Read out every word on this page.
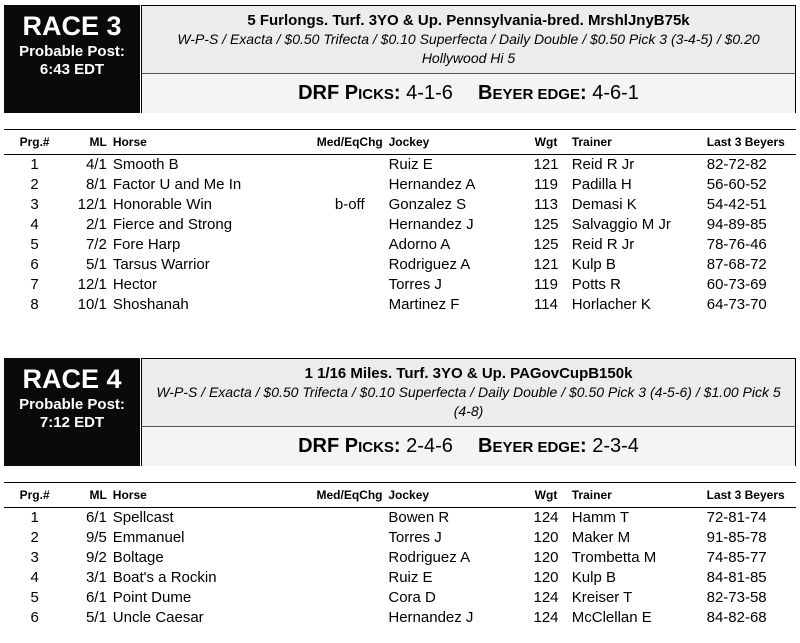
RACE 3
Probable Post:
6:43 EDT
5 Furlongs. Turf. 3YO & Up. Pennsylvania-bred. MrshlJnyB75k
W-P-S / Exacta / $0.50 Trifecta / $0.10 Superfecta / Daily Double / $0.50 Pick 3 (3-4-5) / $0.20 Hollywood Hi 5
DRF PICKS: 4-1-6 BEYER EDGE: 4-6-1
Prg.#	ML	Horse	Med/EqChg	Jockey	Wgt	Trainer	Last 3 Beyers
1	4/1	Smooth B		Ruiz E	121	Reid R Jr	82-72-82
2	8/1	Factor U and Me In		Hernandez A	119	Padilla H	56-60-52
3	12/1	Honorable Win	b-off	Gonzalez S	113	Demasi K	54-42-51
4	2/1	Fierce and Strong		Hernandez J	125	Salvaggio M Jr	94-89-85
5	7/2	Fore Harp		Adorno A	125	Reid R Jr	78-76-46
6	5/1	Tarsus Warrior		Rodriguez A	121	Kulp B	87-68-72
7	12/1	Hector		Torres J	119	Potts R	60-73-69
8	10/1	Shoshanah		Martinez F	114	Horlacher K	64-73-70
RACE 4
Probable Post:
7:12 EDT
1 1/16 Miles. Turf. 3YO & Up. PAGovCupB150k
W-P-S / Exacta / $0.50 Trifecta / $0.10 Superfecta / Daily Double / $0.50 Pick 3 (4-5-6) / $1.00 Pick 5 (4-8)
DRF PICKS: 2-4-6 BEYER EDGE: 2-3-4
Prg.#	ML	Horse	Med/EqChg	Jockey	Wgt	Trainer	Last 3 Beyers
1	6/1	Spellcast		Bowen R	124	Hamm T	72-81-74
2	9/5	Emmanuel		Torres J	120	Maker M	91-85-78
3	9/2	Boltage		Rodriguez A	120	Trombetta M	74-85-77
4	3/1	Boat's a Rockin		Ruiz E	120	Kulp B	84-81-85
5	6/1	Point Dume		Cora D	124	Kreiser T	82-73-58
6	5/1	Uncle Caesar		Hernandez J	124	McClellan E	84-82-68
